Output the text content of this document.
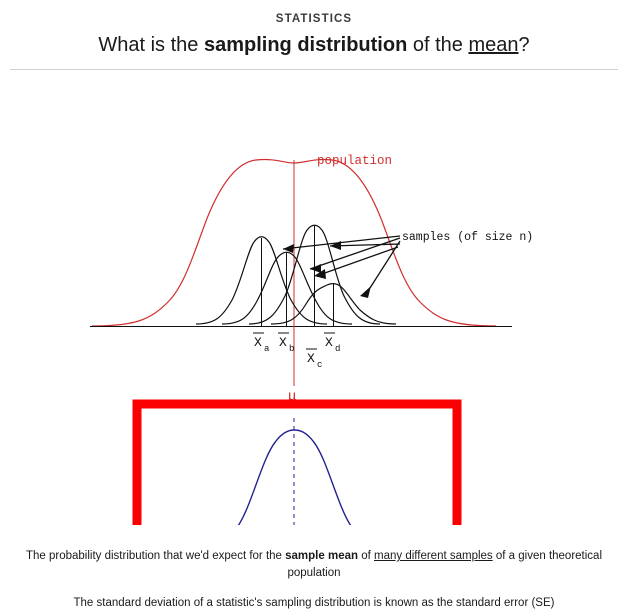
STATISTICS
What is the sampling distribution of the mean?
population
samples (of size n)
X a X b
X c
X d
μ
The probability distribution that we'd expect for the sample mean of many different samples of a given theoretical population
The standard deviation of a statistic's sampling distribution is known as the standard error (SE)
